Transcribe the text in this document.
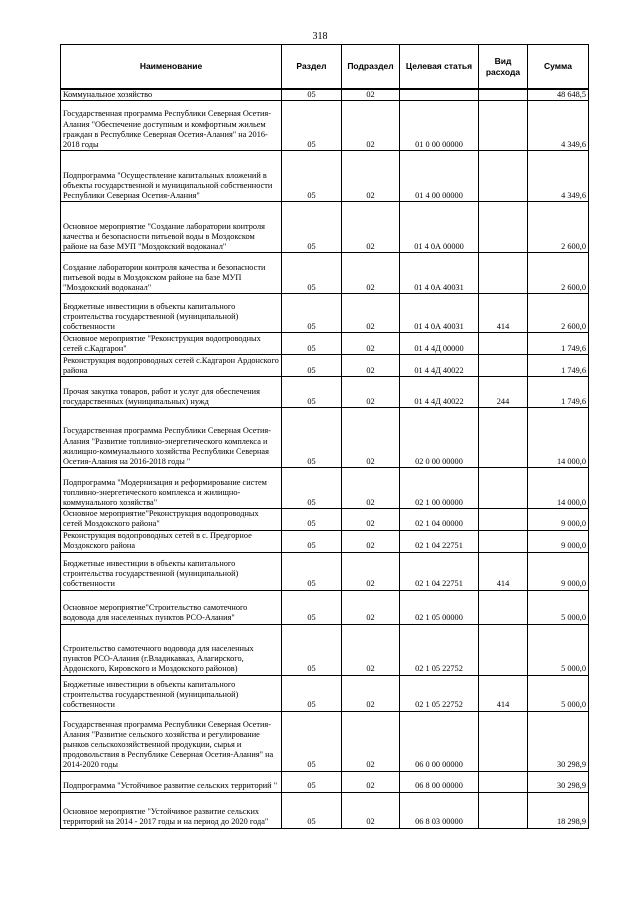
318
Наименование	Раздел	Подраздел	Целевая статья	Вид расхода	Сумма
Коммунальное хозяйство	05	02			48 648,5
Государственная программа Республики Северная Осетия-Алания "Обеспечение доступным и комфортным жильем граждан в Республике Северная Осетия-Алания" на 2016-2018 годы	05	02	01 0 00 00000		4 349,6
Подпрограмма "Осуществление капитальных вложений в объекты государственной и муниципальной собственности Республики Северная Осетия-Алания"	05	02	01 4 00 00000		4 349,6
Основное мероприятие "Создание лаборатории контроля качества и безопасности питьевой воды в Моздокском районе на базе МУП "Моздокский водоканал"	05	02	01 4 0А 00000		2 600,0
Создание лаборатории контроля качества и безопасности питьевой воды в Моздокском районе на базе МУП "Моздокский водоканал"	05	02	01 4 0А 40031		2 600,0
Бюджетные инвестиции в объекты капитального строительства государственной (муниципальной) собственности	05	02	01 4 0А 40031	414	2 600,0
Основное мероприятие "Реконструкция водопроводных сетей с.Кадгарон"	05	02	01 4 4Д 00000		1 749,6
Реконструкция водопроводных сетей с.Кадгарон Ардонского района	05	02	01 4 4Д 40022		1 749,6
Прочая закупка товаров, работ и услуг для обеспечения государственных (муниципальных) нужд	05	02	01 4 4Д 40022	244	1 749,6
Государственная программа Республики Северная Осетия-Алания "Развитие топливно-энергетического комплекса и жилищно-коммунального хозяйства Республики Северная Осетия-Алания на 2016-2018 годы "	05	02	02 0 00 00000		14 000,0
Подпрограмма "Модернизация и реформирование систем топливно-энергетического комплекса и жилищно-коммунального хозяйства"	05	02	02 1 00 00000		14 000,0
Основное мероприятие"Реконструкция водопроводных сетей Моздокского района"	05	02	02 1 04 00000		9 000,0
Реконструкция водопроводных сетей в с. Предгорное Моздокского района	05	02	02 1 04 22751		9 000,0
Бюджетные инвестиции в объекты капитального строительства государственной (муниципальной) собственности	05	02	02 1 04 22751	414	9 000,0
Основное мероприятие"Строительство самотечного водовода для населенных пунктов РСО-Алания"	05	02	02 1 05 00000		5 000,0
Строительство самотечного водовода для населенных пунктов РСО-Алания (г.Владикавказ, Алагирского, Ардонского, Кировского и Моздокского районов)	05	02	02 1 05 22752		5 000,0
Бюджетные инвестиции в объекты капитального строительства государственной (муниципальной) собственности	05	02	02 1 05 22752	414	5 000,0
Государственная программа Республики Северная Осетия-Алания "Развитие сельского хозяйства и регулирование рынков сельскохозяйственной продукции, сырья и продовольствия в Республике Северная Осетия-Алания" на 2014-2020 годы	05	02	06 0 00 00000		30 298,9
Подпрограмма "Устойчивое развитие сельских территорий "	05	02	06 8 00 00000		30 298,9
Основное мероприятие "Устойчивое развитие сельских территорий на 2014 - 2017 годы и на период до 2020 года"	05	02	06 8 03 00000		18 298,9
